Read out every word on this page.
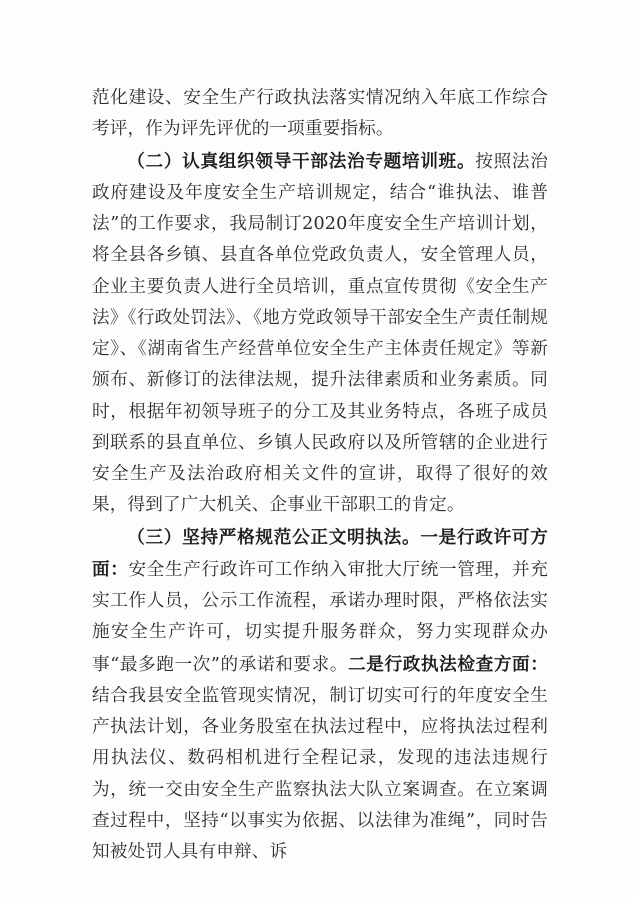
范化建设、安全生产行政执法落实情况纳入年底工作综合考评，作为评先评优的一项重要指标。

（二）认真组织领导干部法治专题培训班。按照法治政府建设及年度安全生产培训规定，结合“谁执法、谁普法”的工作要求，我局制订2020年度安全生产培训计划，将全县各乡镇、县直各单位党政负责人，安全管理人员，企业主要负责人进行全员培训，重点宣传贯彻《安全生产法》《行政处罚法》、《地方党政领导干部安全生产责任制规定》、《湖南省生产经营单位安全生产主体责任规定》等新颁布、新修订的法律法规，提升法律素质和业务素质。同时，根据年初领导班子的分工及其业务特点，各班子成员到联系的县直单位、乡镇人民政府以及所管辖的企业进行安全生产及法治政府相关文件的宣讲，取得了很好的效果，得到了广大机关、企事业干部职工的肯定。

（三）坚持严格规范公正文明执法。一是行政许可方面：安全生产行政许可工作纳入审批大厅统一管理，并充实工作人员，公示工作流程，承诺办理时限，严格依法实施安全生产许可，切实提升服务群众，努力实现群众办事“最多跑一次”的承诺和要求。二是行政执法检查方面：结合我县安全监管现实情况，制订切实可行的年度安全生产执法计划，各业务股室在执法过程中，应将执法过程利用执法仪、数码相机进行全程记录，发现的违法违规行为，统一交由安全生产监察执法大队立案调查。在立案调查过程中，坚持“以事实为依据、以法律为准绳”，同时告知被处罚人具有申辩、诉
